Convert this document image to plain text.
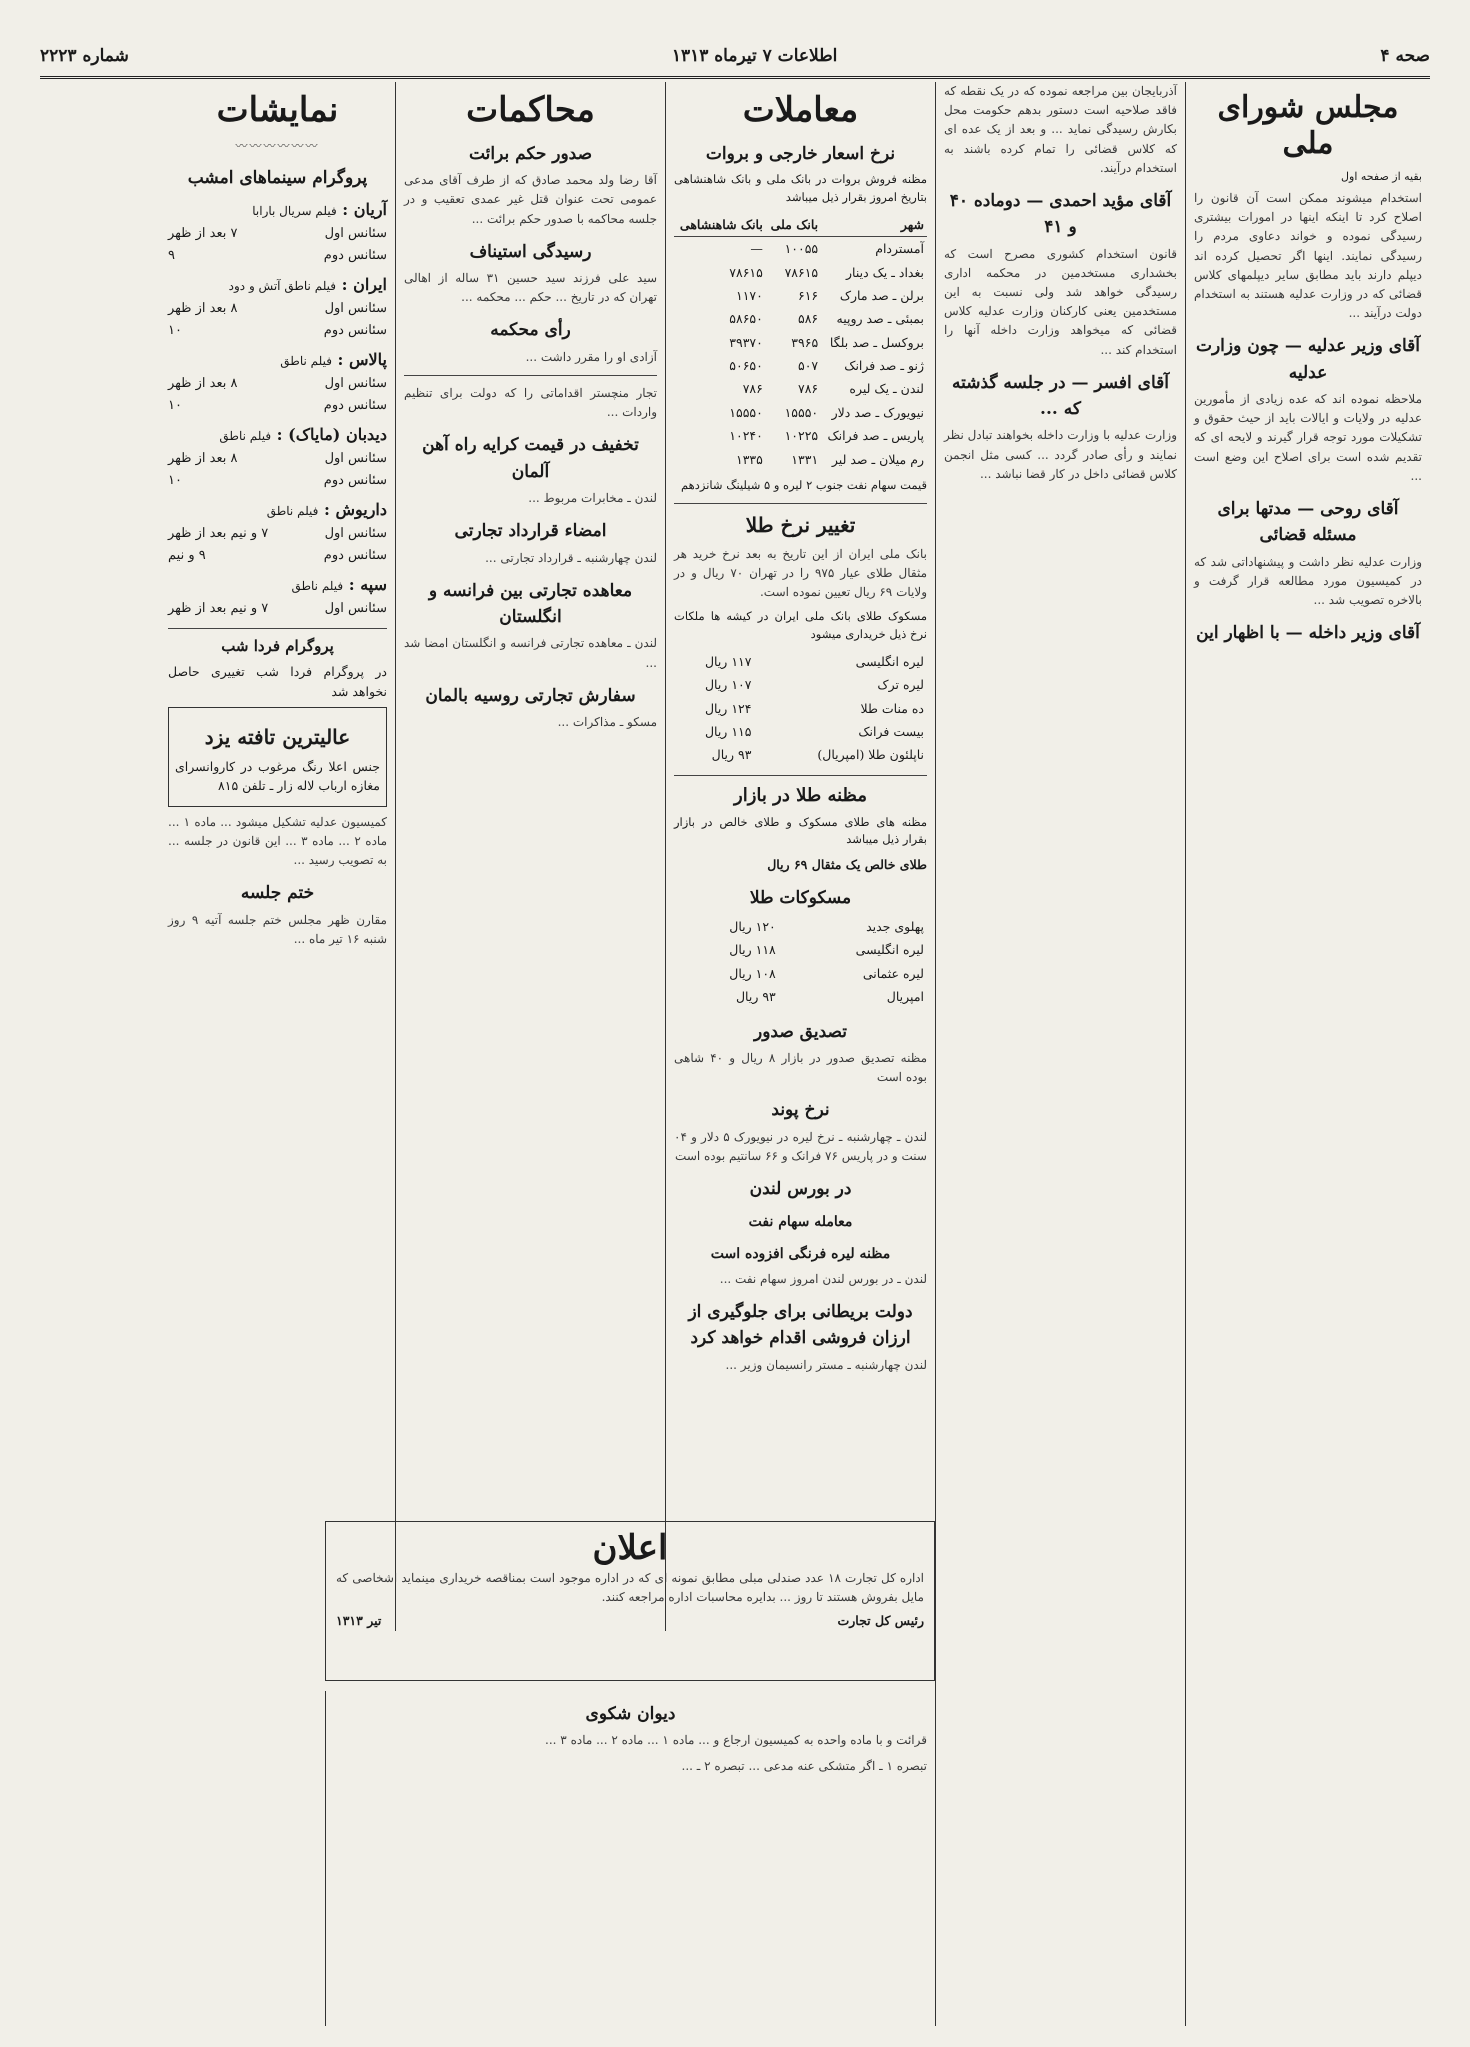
صحه ۴
اطلاعات ۷ تیرماه ۱۳۱۳
شماره ۲۲۲۳
مجلس شورای ملی
بقیه از صفحه اول

استخدام میشوند ممکن است آن قانون را اصلاح کرد تا اینکه اینها در امورات بیشتری رسیدگی نموده و خواند دعاوی مردم را رسیدگی نمایند. اینها اگر تحصیل کرده اند دیپلم دارند باید مطابق سایر دیپلمهای کلاس قضائی که در وزارت عدلیه هستند به استخدام دولت درآیند ...

آقای وزیر عدلیه — چون وزارت عدلیه

ملاحظه نموده اند که عده زیادی از مأمورین عدلیه در ولایات و ایالات باید از حیث حقوق و تشکیلات مورد توجه قرار گیرند و لایحه ای که تقدیم شده است برای اصلاح این وضع است ...

آقای روحی — مدتها برای مسئله قضائی

وزارت عدلیه نظر داشت و پیشنهاداتی شد که در کمیسیون مورد مطالعه قرار گرفت و بالاخره تصویب شد ...

آقای وزیر داخله — با اظهار این

آذربایجان بین مراجعه نموده که در یک نقطه که فاقد صلاحیه است دستور بدهم حکومت محل بکارش رسیدگی نماید ... و بعد از یک عده ای که کلاس قضائی را تمام کرده باشند به استخدام درآیند.

آقای مؤید احمدی — دوماده ۴۰ و ۴۱

قانون استخدام کشوری مصرح است که بخشداری مستخدمین در محکمه اداری رسیدگی خواهد شد ولی نسبت به این مستخدمین یعنی کارکنان وزارت عدلیه کلاس قضائی که میخواهد وزارت داخله آنها را استخدام کند ...

آقای افسر — در جلسه گذشته که ...

وزارت عدلیه با وزارت داخله بخواهند تبادل نظر نمایند و رأی صادر گردد ... کسی مثل انجمن کلاس قضائی داخل در کار قضا نباشد ...

معاملات
نرخ اسعار خارجی و بروات

مظنه فروش بروات در بانک ملی و بانک شاهنشاهی بتاریخ امروز بقرار ذیل میباشد

شهر	بانک ملی	بانک شاهنشاهی
آمستردام	۱۰۰۵۵	—
بغداد ـ یک دینار	۷۸۶۱۵	۷۸۶۱۵
برلن ـ صد مارک	۶۱۶	۱۱۷۰
بمبئی ـ صد روپیه	۵۸۶	۵۸۶۵۰
بروکسل ـ صد بلگا	۳۹۶۵	۳۹۳۷۰
ژنو ـ صد فرانک	۵۰۷	۵۰۶۵۰
لندن ـ یک لیره	۷۸۶	۷۸۶
نیویورک ـ صد دلار	۱۵۵۵۰	۱۵۵۵۰
پاریس ـ صد فرانک	۱۰۲۲۵	۱۰۲۴۰
رم میلان ـ صد لیر	۱۳۳۱	۱۳۳۵

قیمت سهام نفت جنوب ۲ لیره و ۵ شیلینگ شانزدهم

تغییر نرخ طلا

بانک ملی ایران از این تاریخ به بعد نرخ خرید هر مثقال طلای عیار ۹۷۵ را در تهران ۷۰ ریال و در ولایات ۶۹ ریال تعیین نموده است.

مسکوک طلای بانک ملی ایران در کیشه ها ملکات نرخ ذیل خریداری میشود

لیره انگلیسی	۱۱۷ ریال
لیره ترک	۱۰۷ ریال
ده منات طلا	۱۲۴ ریال
بیست فرانک	۱۱۵ ریال
ناپلئون طلا (امپریال)	۹۳ ریال
مظنه طلا در بازار

مظنه های طلای مسکوک و طلای خالص در بازار بقرار ذیل میباشد

طلای خالص یک مثقال ۶۹ ریال
مسکوکات طلا
پهلوی جدید	۱۲۰ ریال
لیره انگلیسی	۱۱۸ ریال
لیره عثمانی	۱۰۸ ریال
امپریال	۹۳ ریال
تصدیق صدور

مظنه تصدیق صدور در بازار ۸ ریال و ۴۰ شاهی بوده است

نرخ پوند

لندن ـ چهارشنبه ـ نرخ لیره در نیویورک ۵ دلار و ۰۴ سنت و در پاریس ۷۶ فرانک و ۶۶ سانتیم بوده است

در بورس لندن
معامله سهام نفت
مظنه لیره فرنگی افزوده است

لندن ـ در بورس لندن امروز سهام نفت ...

دولت بریطانی برای جلوگیری از ارزان فروشی اقدام خواهد کرد

لندن چهارشنبه ـ مستر رانسیمان وزیر ...

محاکمات
صدور حکم برائت

آقا رضا ولد محمد صادق که از طرف آقای مدعی عمومی تحت عنوان قتل غیر عمدی تعقیب و در جلسه محاکمه با صدور حکم برائت ...

رسیدگی استیناف

سید علی فرزند سید حسین ۳۱ ساله از اهالی تهران که در تاریخ ... حکم ... محکمه ...

رأی محکمه

آزادی او را مقرر داشت ...

تجار منچستر اقداماتی را که دولت برای تنظیم واردات ...

تخفیف در قیمت کرایه راه آهن آلمان

لندن ـ مخابرات مربوط ...

امضاء قرارداد تجارتی

لندن چهارشنبه ـ قرارداد تجارتی ...

معاهده تجارتی بین فرانسه و انگلستان

لندن ـ معاهده تجارتی فرانسه و انگلستان امضا شد ...

سفارش تجارتی روسیه بالمان

مسکو ـ مذاکرات ...

نمایشات
〰〰〰〰〰〰
پروگرام سینماهای امشب
آریان : فیلم سریال بارابا
سئانس اول
۷ بعد از ظهر
سئانس دوم
۹
ایران : فیلم ناطق آتش و دود
سئانس اول
۸ بعد از ظهر
سئانس دوم
۱۰
پالاس : فیلم ناطق
سئانس اول
۸ بعد از ظهر
سئانس دوم
۱۰
دیدبان (مایاک) : فیلم ناطق
سئانس اول
۸ بعد از ظهر
سئانس دوم
۱۰
داریوش : فیلم ناطق
سئانس اول
۷ و نیم بعد از ظهر
سئانس دوم
۹ و نیم
سپه : فیلم ناطق
سئانس اول
۷ و نیم بعد از ظهر
پروگرام فردا شب

در پروگرام فردا شب تغییری حاصل نخواهد شد

عالیترین تافته یزد

جنس اعلا رنگ مرغوب در کاروانسرای مغازه ارباب لاله زار ـ تلفن ۸۱۵

کمیسیون عدلیه تشکیل میشود ... ماده ۱ ... ماده ۲ ... ماده ۳ ... این قانون در جلسه ... به تصویب رسید ...

ختم جلسه

مقارن ظهر مجلس ختم جلسه آتیه ۹ روز شنبه ۱۶ تیر ماه ...

اعلان

اداره کل تجارت ۱۸ عدد صندلی مبلی مطابق نمونه ای که در اداره موجود است بمناقصه خریداری مینماید اشخاصی که مایل بفروش هستند تا روز ... بدایره محاسبات اداره مراجعه کنند.

رئیس کل تجارت
تیر ۱۳۱۳
دیوان شکوی

قرائت و با ماده واحده به کمیسیون ارجاع و ... ماده ۱ ... ماده ۲ ... ماده ۳ ...

تبصره ۱ ـ اگر متشکی عنه مدعی ... تبصره ۲ ـ ...
